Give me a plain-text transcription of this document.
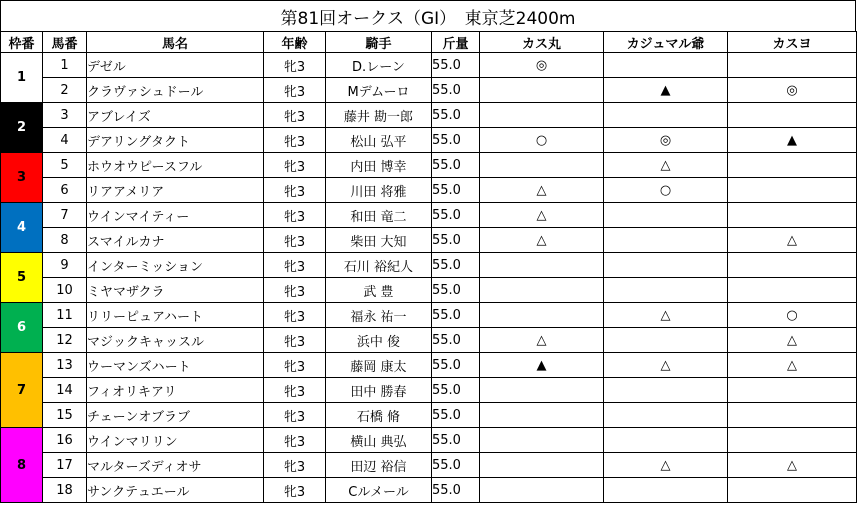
第81回オークス（GI）　東京芝2400m
枠番	馬番	馬名	年齢	騎手	斤量	カス丸	カジュマル爺	カスヨ
1	1	デゼル	牝3	D.レーン	55.0	◎		
	2	クラヴァシュドール	牝3	Mデムーロ	55.0		▲	◎
2	3	アブレイズ	牝3	藤井 勘一郎	55.0			
	4	デアリングタクト	牝3	松山 弘平	55.0	○	◎	▲
3	5	ホウオウピースフル	牝3	内田 博幸	55.0		△	
	6	リアアメリア	牝3	川田 将雅	55.0	△	○	
4	7	ウインマイティー	牝3	和田 竜二	55.0	△		
	8	スマイルカナ	牝3	柴田 大知	55.0	△		△
5	9	インターミッション	牝3	石川 裕紀人	55.0			
	10	ミヤマザクラ	牝3	武 豊	55.0			
6	11	リリーピュアハート	牝3	福永 祐一	55.0		△	○
	12	マジックキャッスル	牝3	浜中 俊	55.0	△		△
7	13	ウーマンズハート	牝3	藤岡 康太	55.0	▲	△	△
	14	フィオリキアリ	牝3	田中 勝春	55.0			
	15	チェーンオブラブ	牝3	石橋 脩	55.0			
8	16	ウインマリリン	牝3	横山 典弘	55.0			
	17	マルターズディオサ	牝3	田辺 裕信	55.0		△	△
	18	サンクテュエール	牝3	Cルメール	55.0			
